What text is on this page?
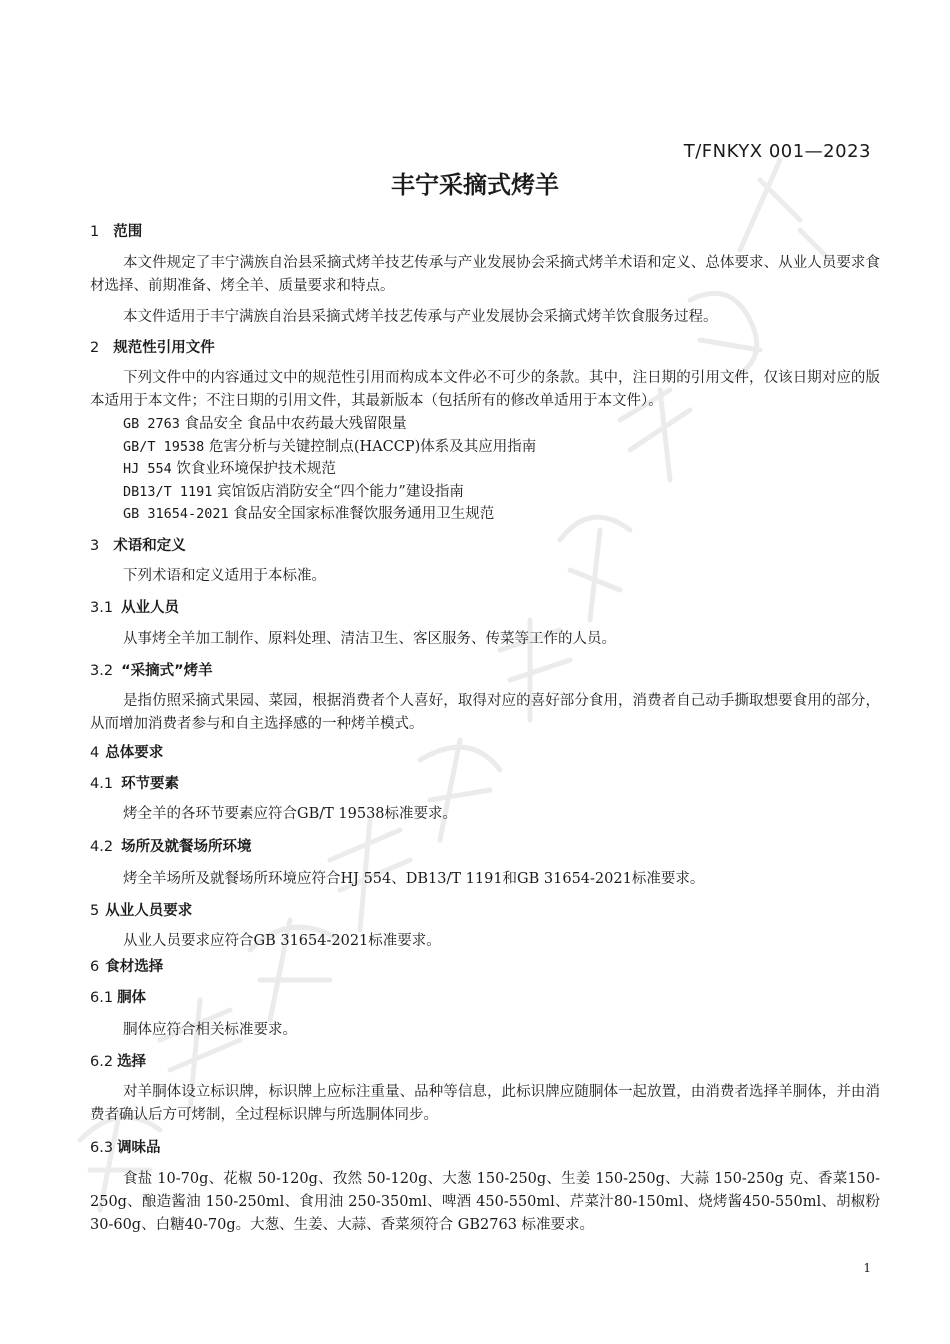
T/FNKYX 001—2023
丰宁采摘式烤羊
1 范围

本文件规定了丰宁满族自治县采摘式烤羊技艺传承与产业发展协会采摘式烤羊术语和定义、总体要求、从业人员要求食材选择、前期准备、烤全羊、质量要求和特点。

本文件适用于丰宁满族自治县采摘式烤羊技艺传承与产业发展协会采摘式烤羊饮食服务过程。

2 规范性引用文件

下列文件中的内容通过文中的规范性引用而构成本文件必不可少的条款。其中，注日期的引用文件，仅该日期对应的版本适用于本文件；不注日期的引用文件，其最新版本（包括所有的修改单适用于本文件）。

GB 2763 食品安全 食品中农药最大残留限量
GB/T 19538 危害分析与关键控制点(HACCP)体系及其应用指南
HJ 554 饮食业环境保护技术规范
DB13/T 1191 宾馆饭店消防安全“四个能力”建设指南
GB 31654-2021 食品安全国家标准餐饮服务通用卫生规范
3 术语和定义

下列术语和定义适用于本标准。

3.1 从业人员

从事烤全羊加工制作、原料处理、清洁卫生、客区服务、传菜等工作的人员。

3.2 “采摘式”烤羊

是指仿照采摘式果园、菜园，根据消费者个人喜好，取得对应的喜好部分食用，消费者自己动手撕取想要食用的部分，从而增加消费者参与和自主选择感的一种烤羊模式。

4 总体要求
4.1 环节要素

烤全羊的各环节要素应符合GB/T 19538标准要求。

4.2 场所及就餐场所环境

烤全羊场所及就餐场所环境应符合HJ 554、DB13/T 1191和GB 31654-2021标准要求。

5 从业人员要求

从业人员要求应符合GB 31654-2021标准要求。

6 食材选择
6.1 胴体

胴体应符合相关标准要求。

6.2 选择

对羊胴体设立标识牌，标识牌上应标注重量、品种等信息，此标识牌应随胴体一起放置，由消费者选择羊胴体，并由消费者确认后方可烤制，全过程标识牌与所选胴体同步。

6.3 调味品

食盐 10-70g、花椒 50-120g、孜然 50-120g、大葱 150-250g、生姜 150-250g、大蒜 150-250g 克、香菜150-250g、酿造酱油 150-250ml、食用油 250-350ml、啤酒 450-550ml、芹菜汁80-150ml、烧烤酱450-550ml、胡椒粉30-60g、白糖40-70g。大葱、生姜、大蒜、香菜须符合 GB2763 标准要求。

1
